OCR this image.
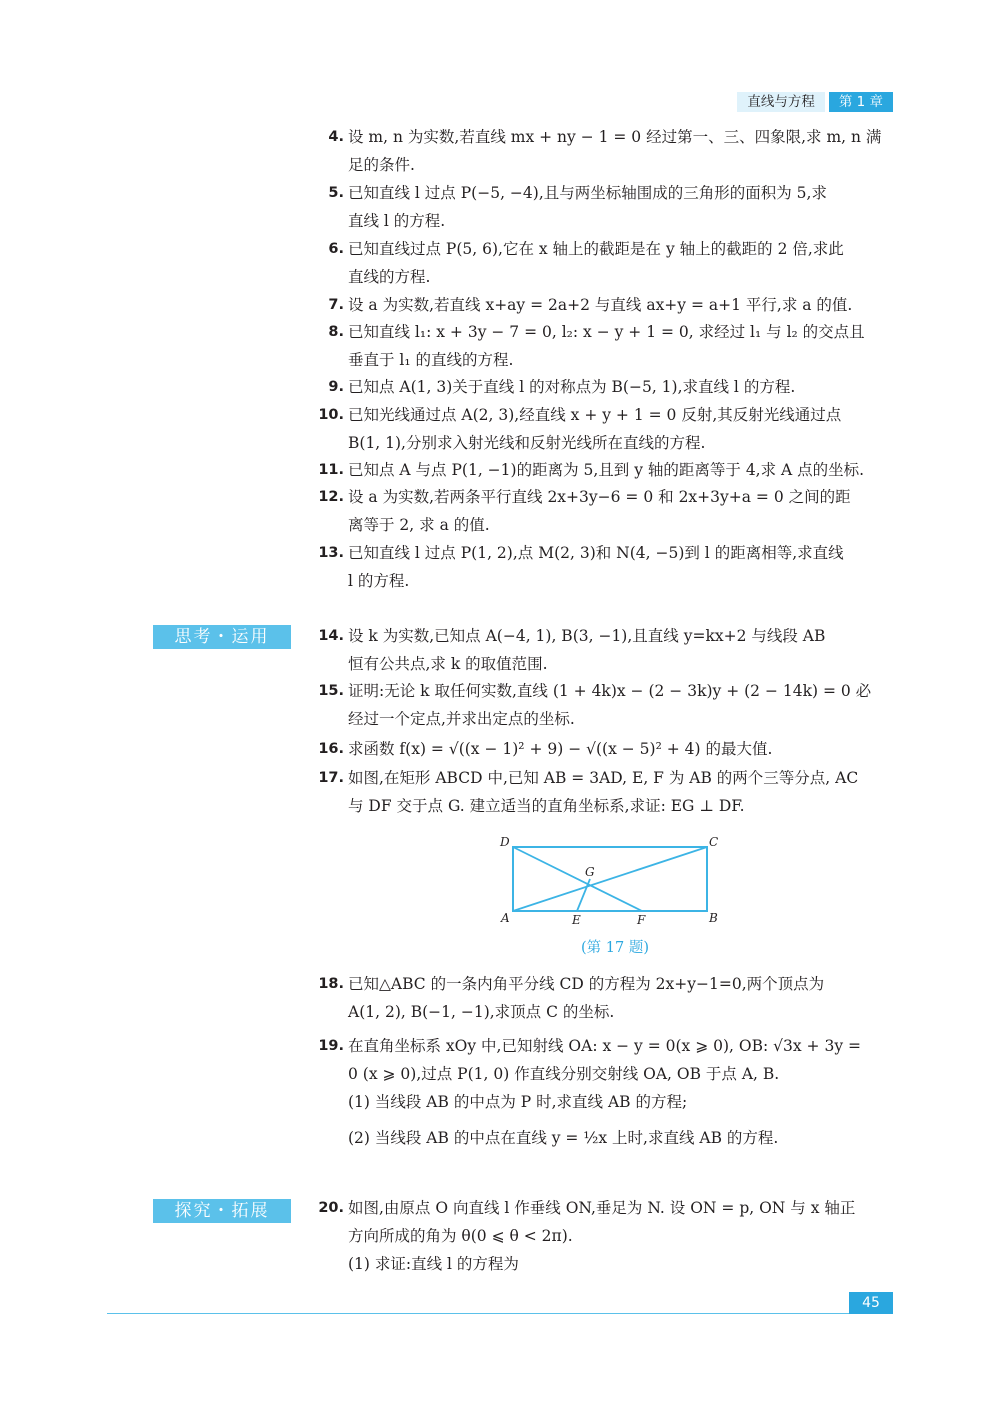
直线与方程	第 1 章
4. 设 m, n 为实数,若直线 mx + ny − 1 = 0 经过第一、三、四象限,求 m, n 满
足的条件.
5. 已知直线 l 过点 P(−5, −4),且与两坐标轴围成的三角形的面积为 5,求
直线 l 的方程.
6. 已知直线过点 P(5, 6),它在 x 轴上的截距是在 y 轴上的截距的 2 倍,求此
直线的方程.
7. 设 a 为实数,若直线 x+ay = 2a+2 与直线 ax+y = a+1 平行,求 a 的值.
8. 已知直线 l₁: x + 3y − 7 = 0, l₂: x − y + 1 = 0, 求经过 l₁ 与 l₂ 的交点且
垂直于 l₁ 的直线的方程.
9. 已知点 A(1, 3)关于直线 l 的对称点为 B(−5, 1),求直线 l 的方程.
10. 已知光线通过点 A(2, 3),经直线 x + y + 1 = 0 反射,其反射光线通过点
B(1, 1),分别求入射光线和反射光线所在直线的方程.
11. 已知点 A 与点 P(1, −1)的距离为 5,且到 y 轴的距离等于 4,求 A 点的坐标.
12. 设 a 为实数,若两条平行直线 2x+3y−6 = 0 和 2x+3y+a = 0 之间的距
离等于 2, 求 a 的值.
13. 已知直线 l 过点 P(1, 2),点 M(2, 3)和 N(4, −5)到 l 的距离相等,求直线
l 的方程.
思考・运用	14. 设 k 为实数,已知点 A(−4, 1), B(3, −1),且直线 y=kx+2 与线段 AB
恒有公共点,求 k 的取值范围.
15. 证明:无论 k 取任何实数,直线 (1 + 4k)x − (2 − 3k)y + (2 − 14k) = 0 必
经过一个定点,并求出定点的坐标.
16. 求函数 f(x) = √((x − 1)² + 9) − √((x − 5)² + 4) 的最大值.
17. 如图,在矩形 ABCD 中,已知 AB = 3AD, E, F 为 AB 的两个三等分点, AC
与 DF 交于点 G. 建立适当的直角坐标系,求证: EG ⊥ DF.
D	C
A	B
E	F
G
(第 17 题)
18. 已知△ABC 的一条内角平分线 CD 的方程为 2x+y−1=0,两个顶点为
A(1, 2), B(−1, −1),求顶点 C 的坐标.
19. 在直角坐标系 xOy 中,已知射线 OA: x − y = 0(x ⩾ 0), OB: √3x + 3y =
0 (x ⩾ 0),过点 P(1, 0) 作直线分别交射线 OA, OB 于点 A, B.
(1) 当线段 AB 的中点为 P 时,求直线 AB 的方程;
(2) 当线段 AB 的中点在直线 y = ½x 上时,求直线 AB 的方程.
探究・拓展	20. 如图,由原点 O 向直线 l 作垂线 ON,垂足为 N. 设 ON = p, ON 与 x 轴正
方向所成的角为 θ(0 ⩽ θ < 2π).
(1) 求证:直线 l 的方程为
45
